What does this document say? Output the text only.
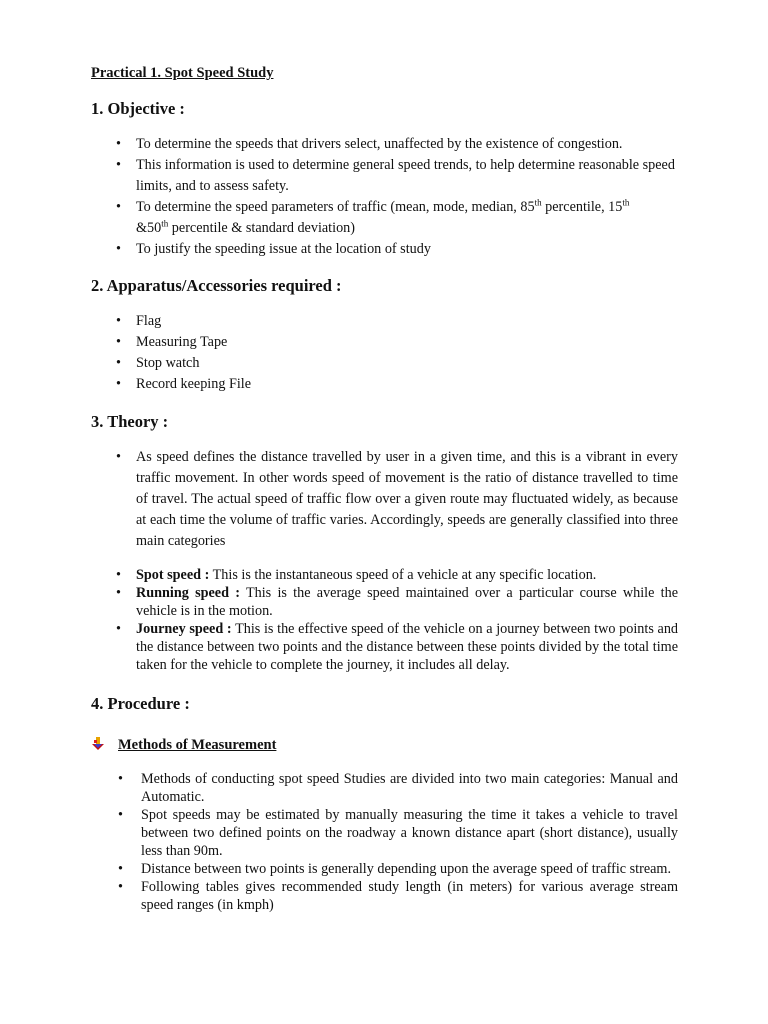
Practical 1. Spot Speed Study
1. Objective :
• To determine the speeds that drivers select, unaffected by the existence of congestion.
• This information is used to determine general speed trends, to help determine reasonable speed limits, and to assess safety.
• To determine the speed parameters of traffic (mean, mode, median, 85th percentile, 15th
&50th percentile & standard deviation)
• To justify the speeding issue at the location of study
2. Apparatus/Accessories required :
• Flag
• Measuring Tape
• Stop watch
• Record keeping File
3. Theory :
• As speed defines the distance travelled by user in a given time, and this is a vibrant in every traffic movement. In other words speed of movement is the ratio of distance travelled to time of travel. The actual speed of traffic flow over a given route may fluctuated widely, as because at each time the volume of traffic varies. Accordingly, speeds are generally classified into three main categories
• Spot speed : This is the instantaneous speed of a vehicle at any specific location.
• Running speed : This is the average speed maintained over a particular course while the vehicle is in the motion.
• Journey speed : This is the effective speed of the vehicle on a journey between two points and the distance between two points and the distance between these points divided by the total time taken for the vehicle to complete the journey, it includes all delay.
4. Procedure :
Methods of Measurement
• Methods of conducting spot speed Studies are divided into two main categories: Manual and Automatic.
• Spot speeds may be estimated by manually measuring the time it takes a vehicle to travel between two defined points on the roadway a known distance apart (short distance), usually less than 90m.
• Distance between two points is generally depending upon the average speed of traffic stream.
• Following tables gives recommended study length (in meters) for various average stream speed ranges (in kmph)
